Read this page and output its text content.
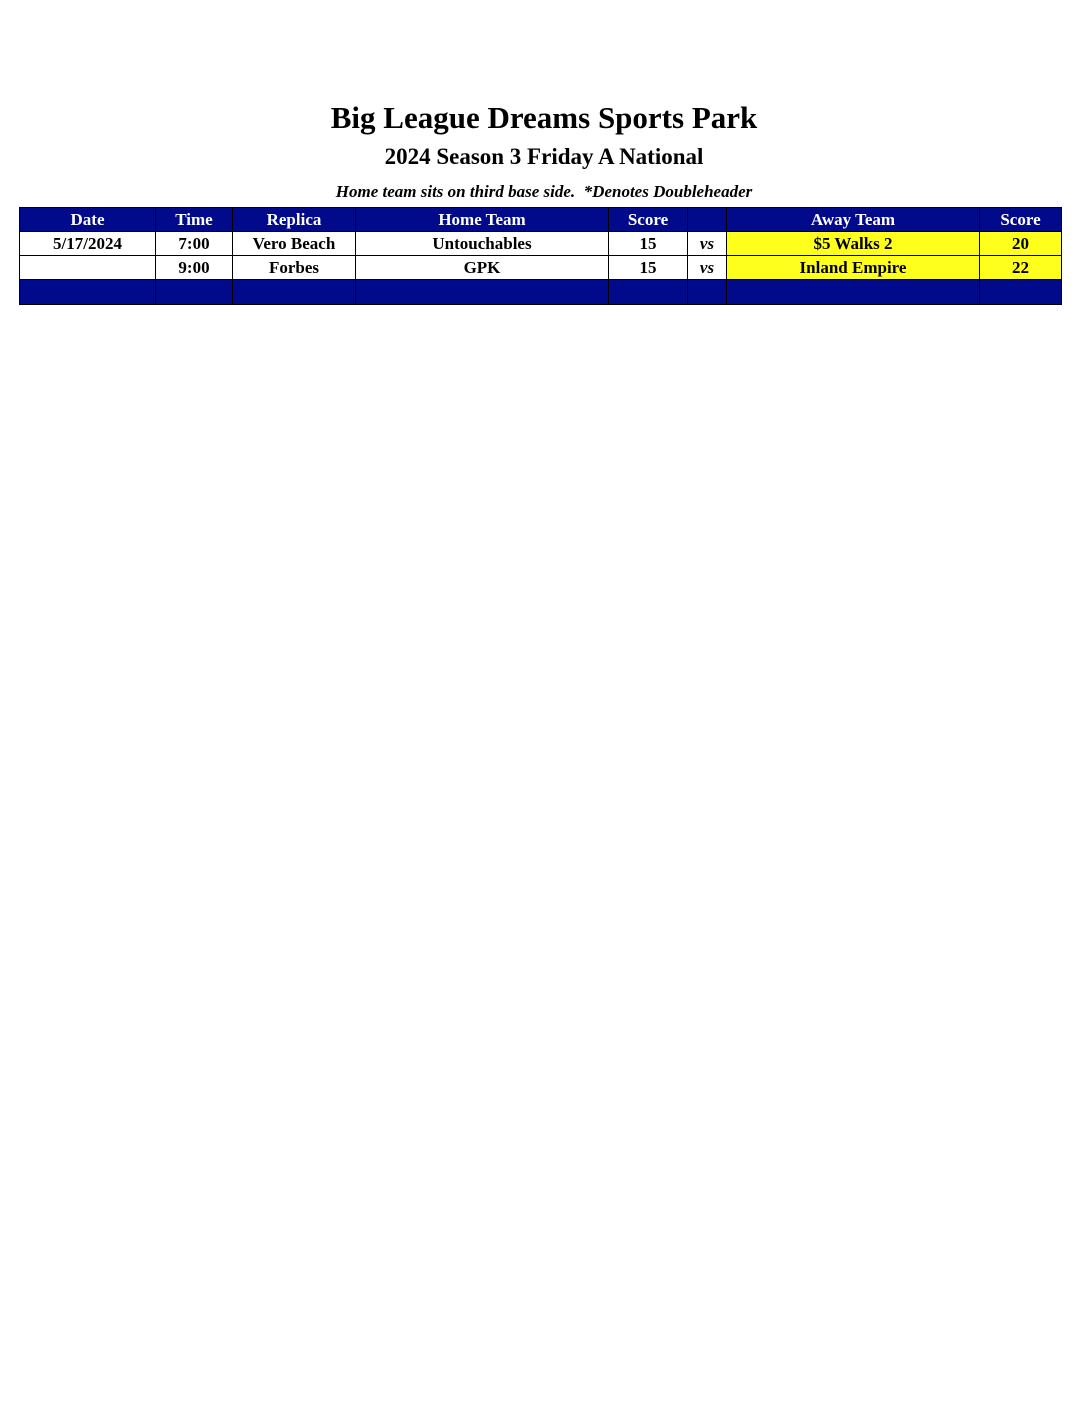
Big League Dreams Sports Park
2024 Season 3 Friday A National
Home team sits on third base side.  *Denotes Doubleheader
Date	Time	Replica	Home Team	Score		Away Team	Score
5/17/2024	7:00	Vero Beach	Untouchables	15	vs	$5 Walks 2	20
	9:00	Forbes	GPK	15	vs	Inland Empire	22
